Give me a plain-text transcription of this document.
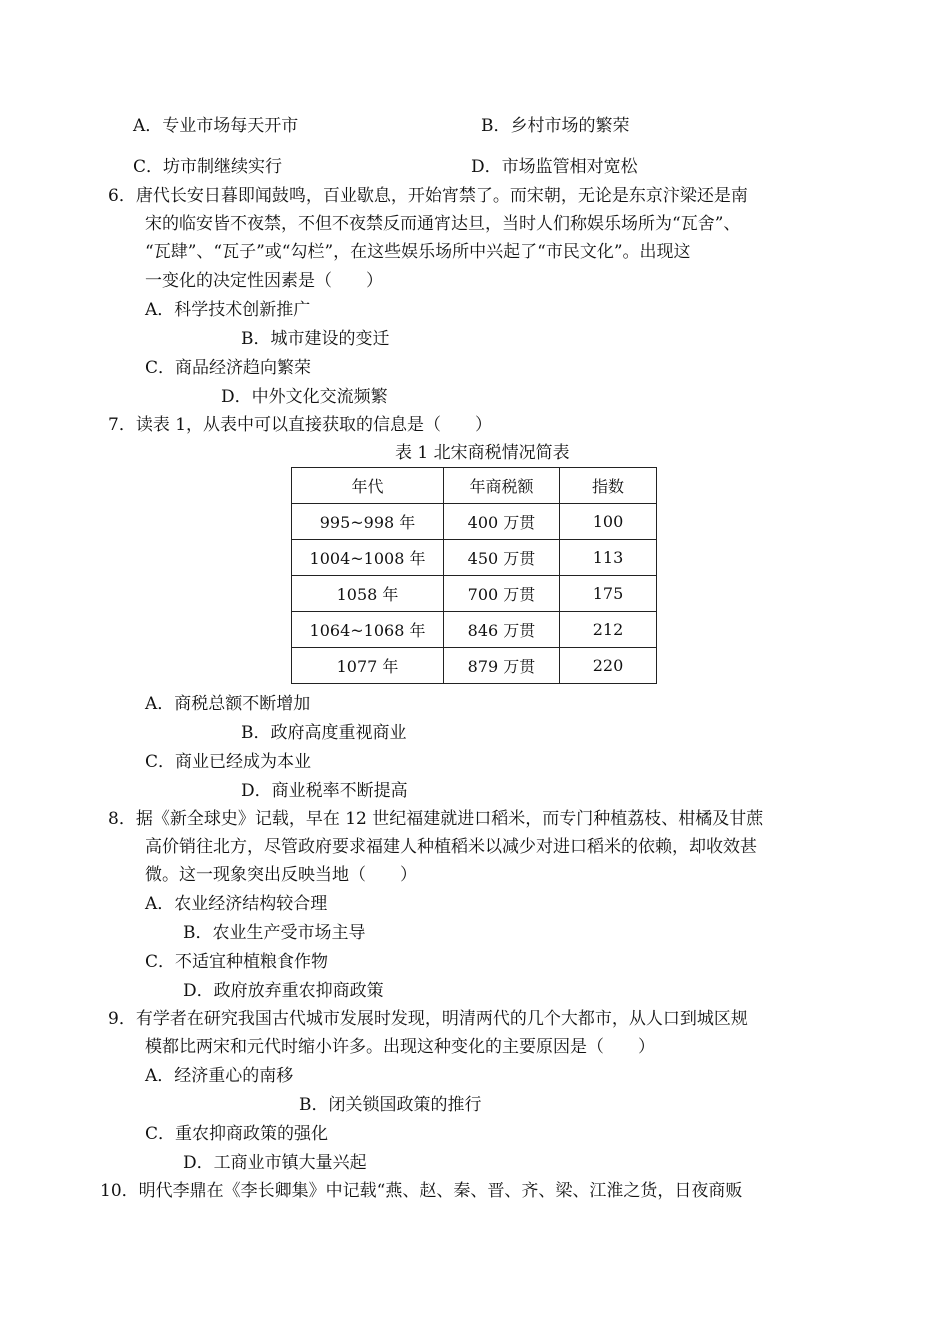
A．专业市场每天开市	B．乡村市场的繁荣
C．坊市制继续实行	D．市场监管相对宽松
6．唐代长安日暮即闻鼓鸣，百业歇息，开始宵禁了。而宋朝，无论是东京汴梁还是南
宋的临安皆不夜禁，不但不夜禁反而通宵达旦，当时人们称娱乐场所为“瓦舍”、
“瓦肆”、“瓦子”或“勾栏”，在这些娱乐场所中兴起了“市民文化”。出现这
一变化的决定性因素是（　　）
A．科学技术创新推广
B．城市建设的变迁
C．商品经济趋向繁荣
D．中外文化交流频繁
7．读表 1，从表中可以直接获取的信息是（　　）
表 1 北宋商税情况简表
年代	年商税额	指数
995~998 年	400 万贯	100
1004~1008 年	450 万贯	113
1058 年	700 万贯	175
1064~1068 年	846 万贯	212
1077 年	879 万贯	220
A．商税总额不断增加
B．政府高度重视商业
C．商业已经成为本业
D．商业税率不断提高
8．据《新全球史》记载，早在 12 世纪福建就进口稻米，而专门种植荔枝、柑橘及甘蔗
高价销往北方，尽管政府要求福建人种植稻米以减少对进口稻米的依赖，却收效甚
微。这一现象突出反映当地（　　）
A．农业经济结构较合理
B．农业生产受市场主导
C．不适宜种植粮食作物
D．政府放弃重农抑商政策
9．有学者在研究我国古代城市发展时发现，明清两代的几个大都市，从人口到城区规
模都比两宋和元代时缩小许多。出现这种变化的主要原因是（　　）
A．经济重心的南移
B．闭关锁国政策的推行
C．重农抑商政策的强化
D．工商业市镇大量兴起
10．明代李鼎在《李长卿集》中记载“燕、赵、秦、晋、齐、梁、江淮之货，日夜商贩
